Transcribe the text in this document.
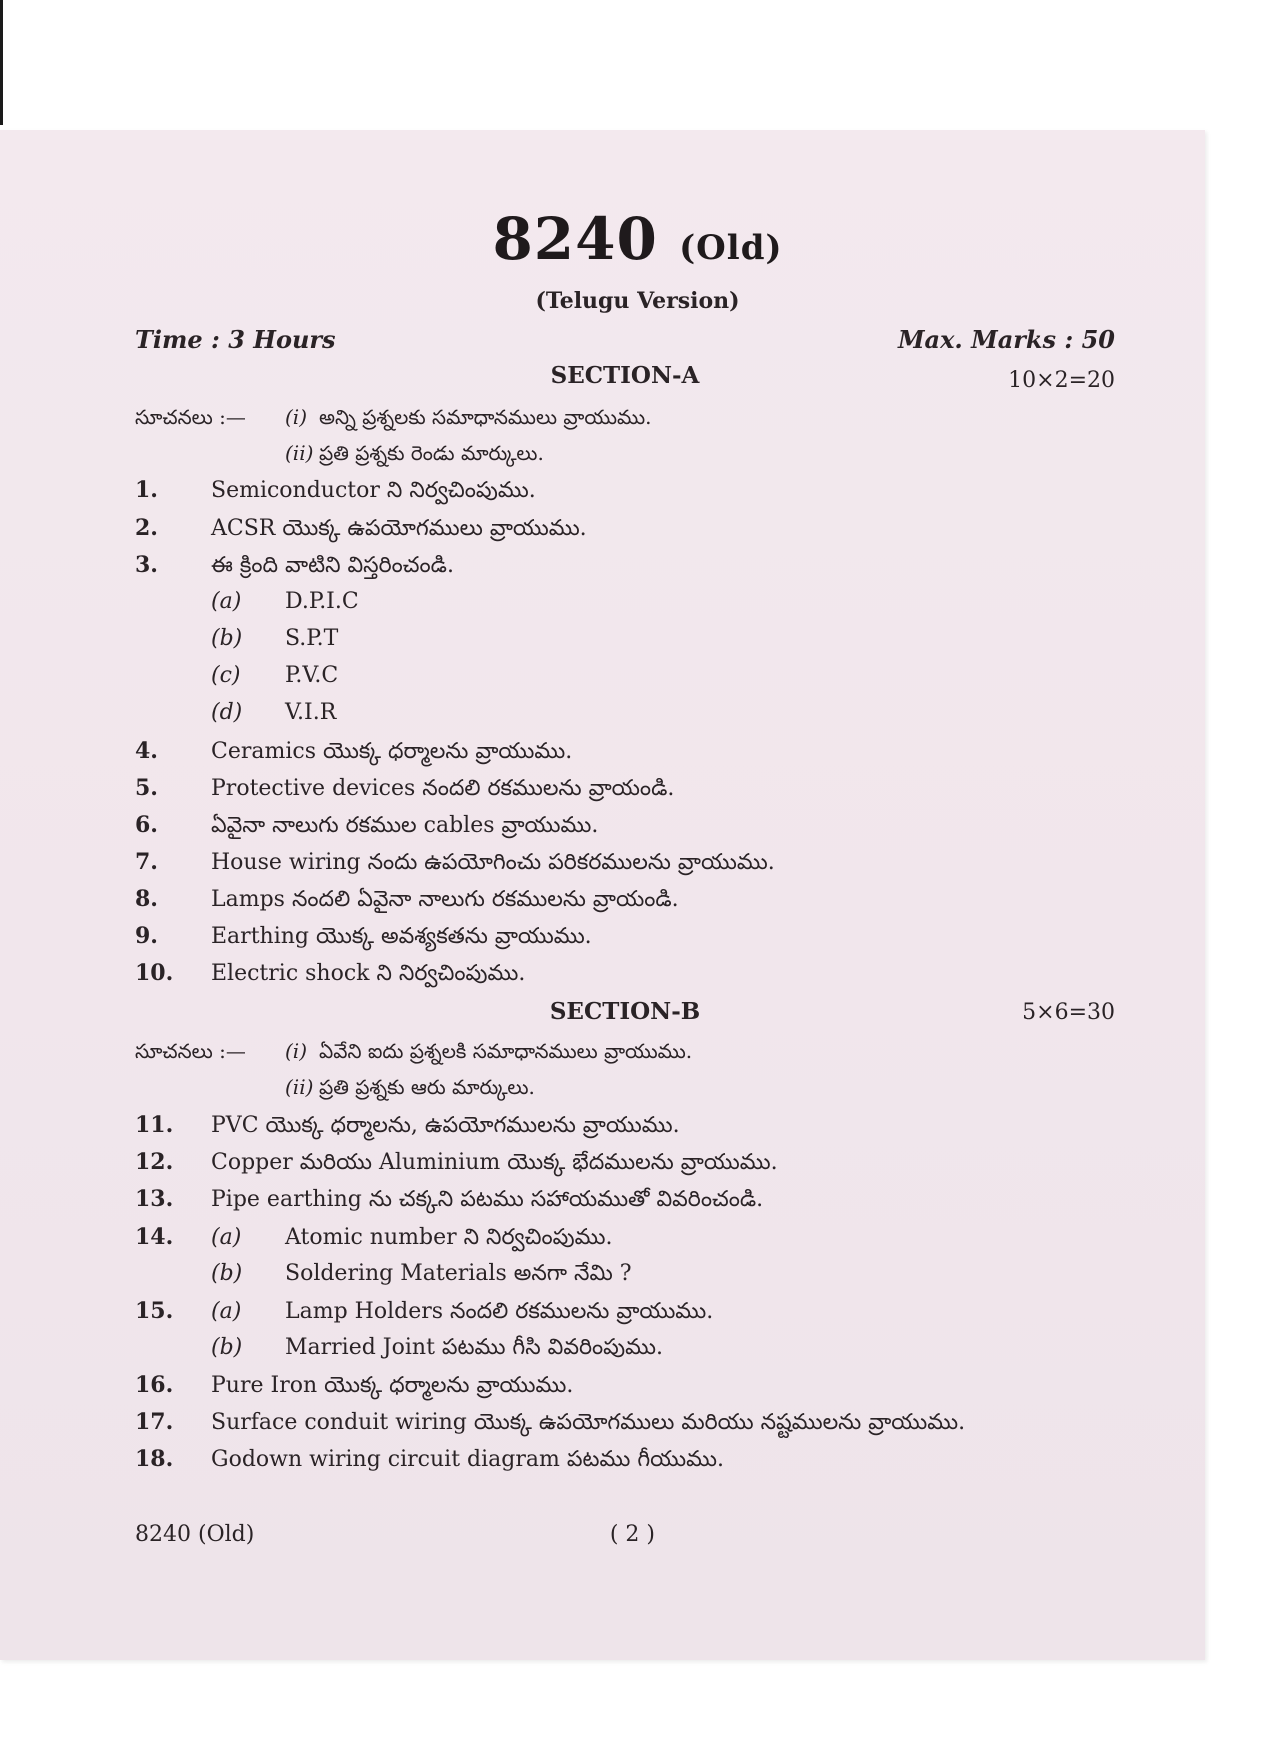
8240 (Old)
(Telugu Version)
Time : 3 Hours	Max. Marks : 50
SECTION-A	10×2=20
సూచనలు :— (i) అన్ని ప్రశ్నలకు సమాధానములు వ్రాయుము.
(ii) ప్రతి ప్రశ్నకు రెండు మార్కులు.
1. Semiconductor ని నిర్వచింపుము.
2. ACSR యొక్క ఉపయోగములు వ్రాయుము.
3. ఈ క్రింది వాటిని విస్తరించండి.
(a) D.P.I.C
(b) S.P.T
(c) P.V.C
(d) V.I.R
4. Ceramics యొక్క ధర్మాలను వ్రాయుము.
5. Protective devices నందలి రకములను వ్రాయండి.
6. ఏవైనా నాలుగు రకముల cables వ్రాయుము.
7. House wiring నందు ఉపయోగించు పరికరములను వ్రాయుము.
8. Lamps నందలి ఏవైనా నాలుగు రకములను వ్రాయండి.
9. Earthing యొక్క అవశ్యకతను వ్రాయుము.
10. Electric shock ని నిర్వచింపుము.
SECTION-B	5×6=30
సూచనలు :— (i) ఏవేని ఐదు ప్రశ్నలకి సమాధానములు వ్రాయుము.
(ii) ప్రతి ప్రశ్నకు ఆరు మార్కులు.
11. PVC యొక్క ధర్మాలను, ఉపయోగములను వ్రాయుము.
12. Copper మరియు Aluminium యొక్క భేదములను వ్రాయుము.
13. Pipe earthing ను చక్కని పటము సహాయముతో వివరించండి.
14. (a) Atomic number ని నిర్వచింపుము.
(b) Soldering Materials అనగా నేమి ?
15. (a) Lamp Holders నందలి రకములను వ్రాయుము.
(b) Married Joint పటము గీసి వివరింపుము.
16. Pure Iron యొక్క ధర్మాలను వ్రాయుము.
17. Surface conduit wiring యొక్క ఉపయోగములు మరియు నష్టములను వ్రాయుము.
18. Godown wiring circuit diagram పటము గీయుము.
8240 (Old)	( 2 )
